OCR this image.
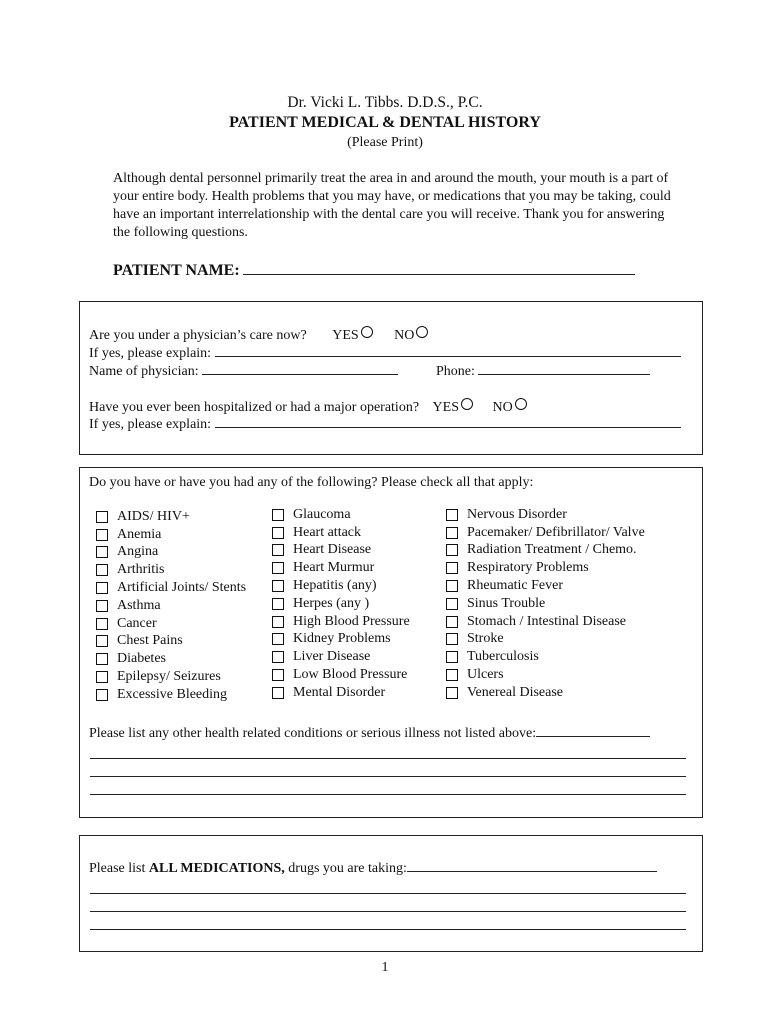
Dr. Vicki L. Tibbs. D.D.S., P.C.
PATIENT MEDICAL & DENTAL HISTORY
(Please Print)
Although dental personnel primarily treat the area in and around the mouth, your mouth is a part of your entire body. Health problems that you may have, or medications that you may be taking, could have an important interrelationship with the dental care you will receive. Thank you for answering the following questions.
PATIENT NAME:
Are you under a physician’s care now? YES	NO
If yes, please explain:
Name of physician:	Phone:
Have you ever been hospitalized or had a major operation? YES NO
If yes, please explain:
Do you have or have you had any of the following? Please check all that apply:
AIDS/ HIV+
Anemia
Angina
Arthritis
Artificial Joints/ Stents
Asthma
Cancer
Chest Pains
Diabetes
Epilepsy/ Seizures
Excessive Bleeding
Glaucoma
Heart attack
Heart Disease
Heart Murmur
Hepatitis (any)
Herpes (any )
High Blood Pressure
Kidney Problems
Liver Disease
Low Blood Pressure
Mental Disorder
Nervous Disorder
Pacemaker/ Defibrillator/ Valve
Radiation Treatment / Chemo.
Respiratory Problems
Rheumatic Fever
Sinus Trouble
Stomach / Intestinal Disease
Stroke
Tuberculosis
Ulcers
Venereal Disease
Please list any other health related conditions or serious illness not listed above:
Please list ALL MEDICATIONS, drugs you are taking:
1
